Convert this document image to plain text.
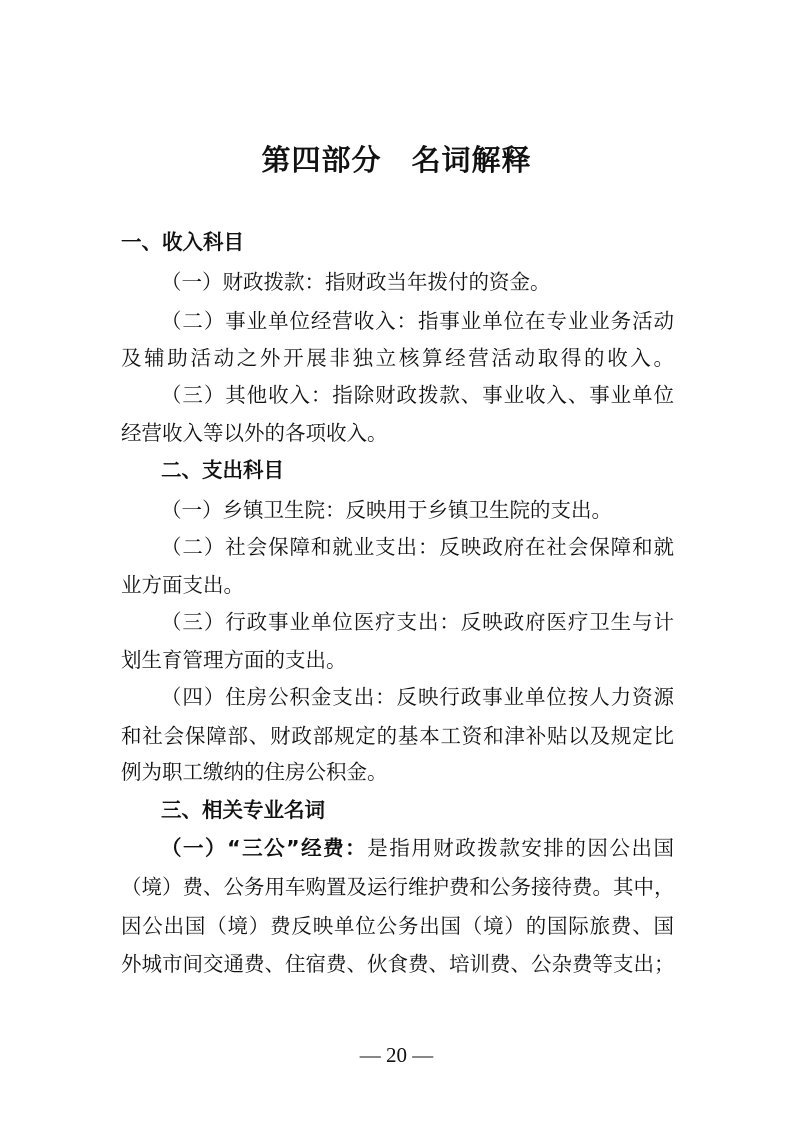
第四部分　名词解释
一、收入科目
（一）财政拨款：指财政当年拨付的资金。
（二）事业单位经营收入：指事业单位在专业业务活动
及辅助活动之外开展非独立核算经营活动取得的收入。
（三）其他收入：指除财政拨款、事业收入、事业单位
经营收入等以外的各项收入。
二、支出科目
（一）乡镇卫生院：反映用于乡镇卫生院的支出。
（二）社会保障和就业支出：反映政府在社会保障和就
业方面支出。
（三）行政事业单位医疗支出：反映政府医疗卫生与计
划生育管理方面的支出。
（四）住房公积金支出：反映行政事业单位按人力资源
和社会保障部、财政部规定的基本工资和津补贴以及规定比
例为职工缴纳的住房公积金。
三、相关专业名词
（一）“三公”经费：是指用财政拨款安排的因公出国
（境）费、公务用车购置及运行维护费和公务接待费。其中，
因公出国（境）费反映单位公务出国（境）的国际旅费、国
外城市间交通费、住宿费、伙食费、培训费、公杂费等支出；
— 20 —
